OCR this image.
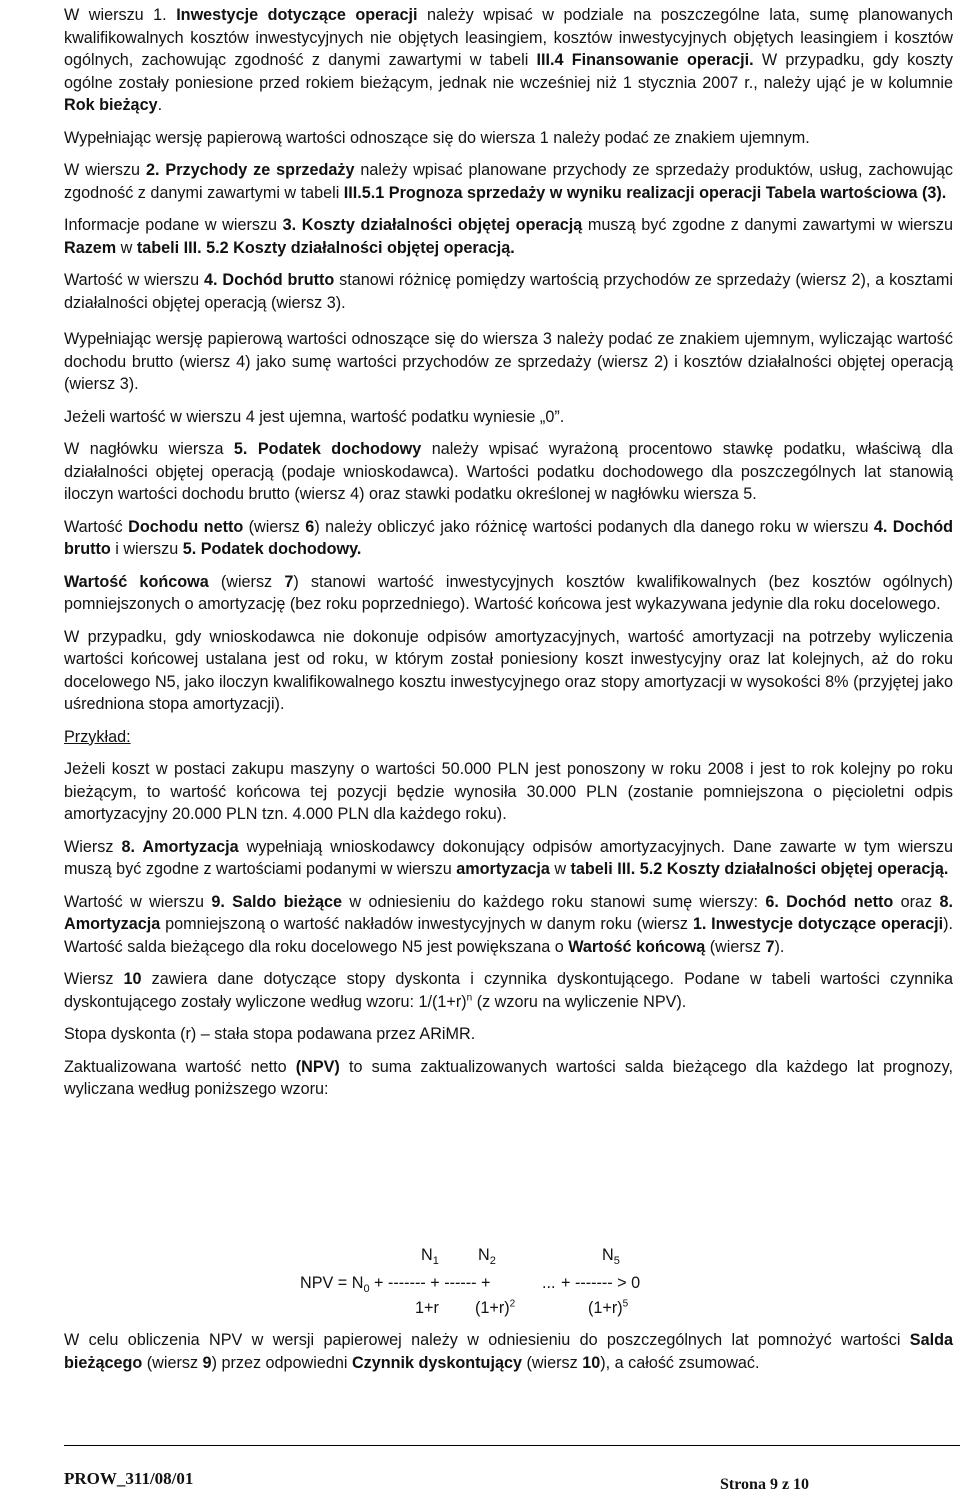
W wierszu 1. Inwestycje dotyczące operacji należy wpisać w podziale na poszczególne lata, sumę planowanych kwalifikowalnych kosztów inwestycyjnych nie objętych leasingiem, kosztów inwestycyjnych objętych leasingiem i kosztów ogólnych, zachowując zgodność z danymi zawartymi w tabeli III.4 Finansowanie operacji. W przypadku, gdy koszty ogólne zostały poniesione przed rokiem bieżącym, jednak nie wcześniej niż 1 stycznia 2007 r., należy ująć je w kolumnie Rok bieżący.

Wypełniając wersję papierową wartości odnoszące się do wiersza 1 należy podać ze znakiem ujemnym.

W wierszu 2. Przychody ze sprzedaży należy wpisać planowane przychody ze sprzedaży produktów, usług, zachowując zgodność z danymi zawartymi w tabeli III.5.1 Prognoza sprzedaży w wyniku realizacji operacji Tabela wartościowa (3).

Informacje podane w wierszu 3. Koszty działalności objętej operacją muszą być zgodne z danymi zawartymi w wierszu Razem w tabeli III. 5.2 Koszty działalności objętej operacją.

Wartość w wierszu 4. Dochód brutto stanowi różnicę pomiędzy wartością przychodów ze sprzedaży (wiersz 2), a kosztami działalności objętej operacją (wiersz 3).

Wypełniając wersję papierową wartości odnoszące się do wiersza 3 należy podać ze znakiem ujemnym, wyliczając wartość dochodu brutto (wiersz 4) jako sumę wartości przychodów ze sprzedaży (wiersz 2) i kosztów działalności objętej operacją (wiersz 3).

Jeżeli wartość w wierszu 4 jest ujemna, wartość podatku wyniesie „0”.

W nagłówku wiersza 5. Podatek dochodowy należy wpisać wyrażoną procentowo stawkę podatku, właściwą dla działalności objętej operacją (podaje wnioskodawca). Wartości podatku dochodowego dla poszczególnych lat stanowią iloczyn wartości dochodu brutto (wiersz 4) oraz stawki podatku określonej w nagłówku wiersza 5.

Wartość Dochodu netto (wiersz 6) należy obliczyć jako różnicę wartości podanych dla danego roku w wierszu 4. Dochód brutto i wierszu 5. Podatek dochodowy.

Wartość końcowa (wiersz 7) stanowi wartość inwestycyjnych kosztów kwalifikowalnych (bez kosztów ogólnych) pomniejszonych o amortyzację (bez roku poprzedniego). Wartość końcowa jest wykazywana jedynie dla roku docelowego.

W przypadku, gdy wnioskodawca nie dokonuje odpisów amortyzacyjnych, wartość amortyzacji na potrzeby wyliczenia wartości końcowej ustalana jest od roku, w którym został poniesiony koszt inwestycyjny oraz lat kolejnych, aż do roku docelowego N5, jako iloczyn kwalifikowalnego kosztu inwestycyjnego oraz stopy amortyzacji w wysokości 8% (przyjętej jako uśredniona stopa amortyzacji).

Przykład:

Jeżeli koszt w postaci zakupu maszyny o wartości 50.000 PLN jest ponoszony w roku 2008 i jest to rok kolejny po roku bieżącym, to wartość końcowa tej pozycji będzie wynosiła 30.000 PLN (zostanie pomniejszona o pięcioletni odpis amortyzacyjny 20.000 PLN tzn. 4.000 PLN dla każdego roku).

Wiersz 8. Amortyzacja wypełniają wnioskodawcy dokonujący odpisów amortyzacyjnych. Dane zawarte w tym wierszu muszą być zgodne z wartościami podanymi w wierszu amortyzacja w tabeli III. 5.2 Koszty działalności objętej operacją.

Wartość w wierszu 9. Saldo bieżące w odniesieniu do każdego roku stanowi sumę wierszy: 6. Dochód netto oraz 8. Amortyzacja pomniejszoną o wartość nakładów inwestycyjnych w danym roku (wiersz 1. Inwestycje dotyczące operacji). Wartość salda bieżącego dla roku docelowego N5 jest powiększana o Wartość końcową (wiersz 7).

Wiersz 10 zawiera dane dotyczące stopy dyskonta i czynnika dyskontującego. Podane w tabeli wartości czynnika dyskontującego zostały wyliczone według wzoru: $1/(1+r)^n$ (z wzoru na wyliczenie NPV).

Stopa dyskonta (r) – stała stopa podawana przez ARiMR.

Zaktualizowana wartość netto (NPV) to suma zaktualizowanych wartości salda bieżącego dla każdego lat prognozy, wyliczana według poniższego wzoru:

$N_1$ $N_2$	$N_5$
NPV = $N_0$ + ------- + ------ +	... + ------- > 0
1+r $(1+r)^2$	$(1+r)^5$

W celu obliczenia NPV w wersji papierowej należy w odniesieniu do poszczególnych lat pomnożyć wartości Salda bieżącego (wiersz 9) przez odpowiedni Czynnik dyskontujący (wiersz 10), a całość zsumować.

PROW_311/08/01	Strona 9 z 10
